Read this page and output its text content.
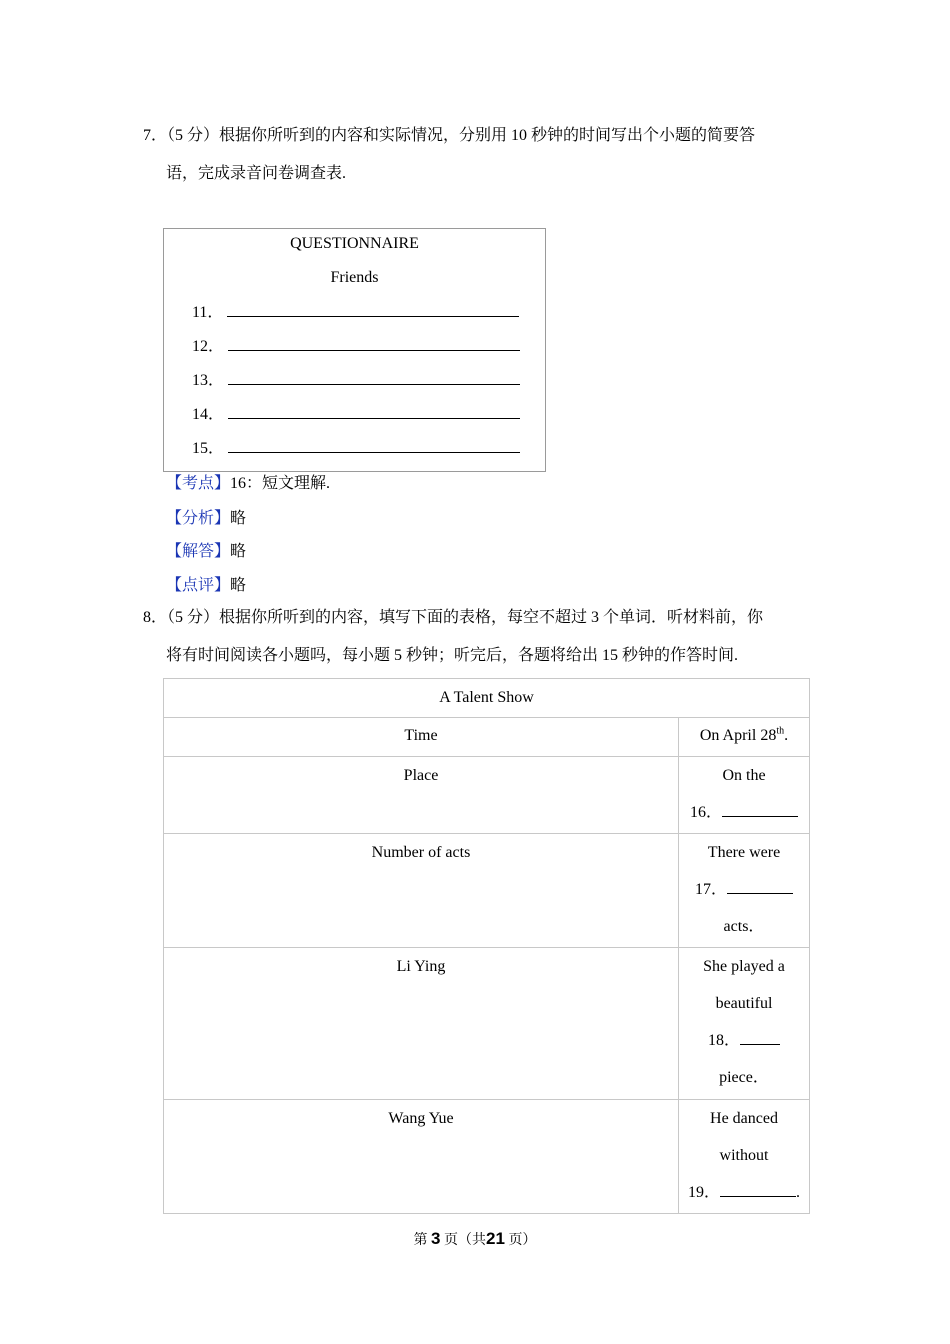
7．（5 分）根据你所听到的内容和实际情况，分别用 10 秒钟的时间写出个小题的简要答
语，完成录音问卷调查表.
QUESTIONNAIRE
Friends
11．
12．
13．
14．
15．
【考点】16：短文理解.
【分析】略
【解答】略
【点评】略
8．（5 分）根据你所听到的内容，填写下面的表格，每空不超过 3 个单词．听材料前，你
将有时间阅读各小题吗，每小题 5 秒钟；听完后，各题将给出 15 秒钟的作答时间.
A Talent Show	
Time	On April 28th.
Place	On the
16．

Number of acts	There were
17．
acts．

Li Ying	She played a
beautiful
18．
piece．

Wang Yue	He danced
without
19． .
第 3 页（共21 页）
